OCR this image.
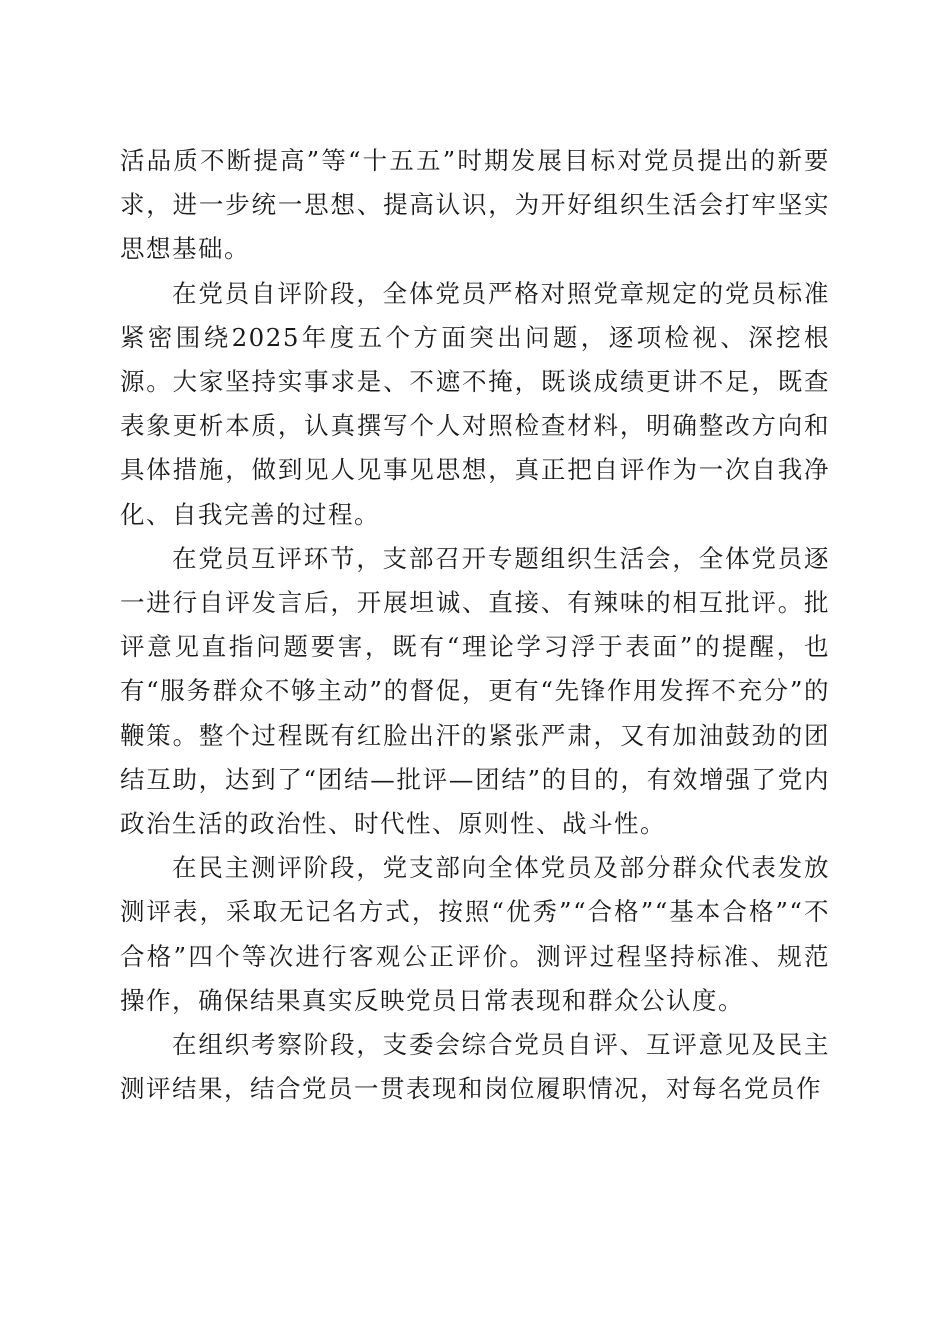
活品质不断提高”等“十五五”时期发展目标对党员提出的新要求，进一步统一思想、提高认识，为开好组织生活会打牢坚实思想基础。

在党员自评阶段，全体党员严格对照党章规定的党员标准紧密围绕2025年度五个方面突出问题，逐项检视、深挖根源。大家坚持实事求是、不遮不掩，既谈成绩更讲不足，既查表象更析本质，认真撰写个人对照检查材料，明确整改方向和具体措施，做到见人见事见思想，真正把自评作为一次自我净化、自我完善的过程。

在党员互评环节，支部召开专题组织生活会，全体党员逐一进行自评发言后，开展坦诚、直接、有辣味的相互批评。批评意见直指问题要害，既有“理论学习浮于表面”的提醒，也有“服务群众不够主动”的督促，更有“先锋作用发挥不充分”的鞭策。整个过程既有红脸出汗的紧张严肃，又有加油鼓劲的团结互助，达到了“团结—批评—团结”的目的，有效增强了党内政治生活的政治性、时代性、原则性、战斗性。

在民主测评阶段，党支部向全体党员及部分群众代表发放测评表，采取无记名方式，按照“优秀”“合格”“基本合格”“不合格”四个等次进行客观公正评价。测评过程坚持标准、规范操作，确保结果真实反映党员日常表现和群众公认度。

在组织考察阶段，支委会综合党员自评、互评意见及民主测评结果，结合党员一贯表现和岗位履职情况，对每名党员作
